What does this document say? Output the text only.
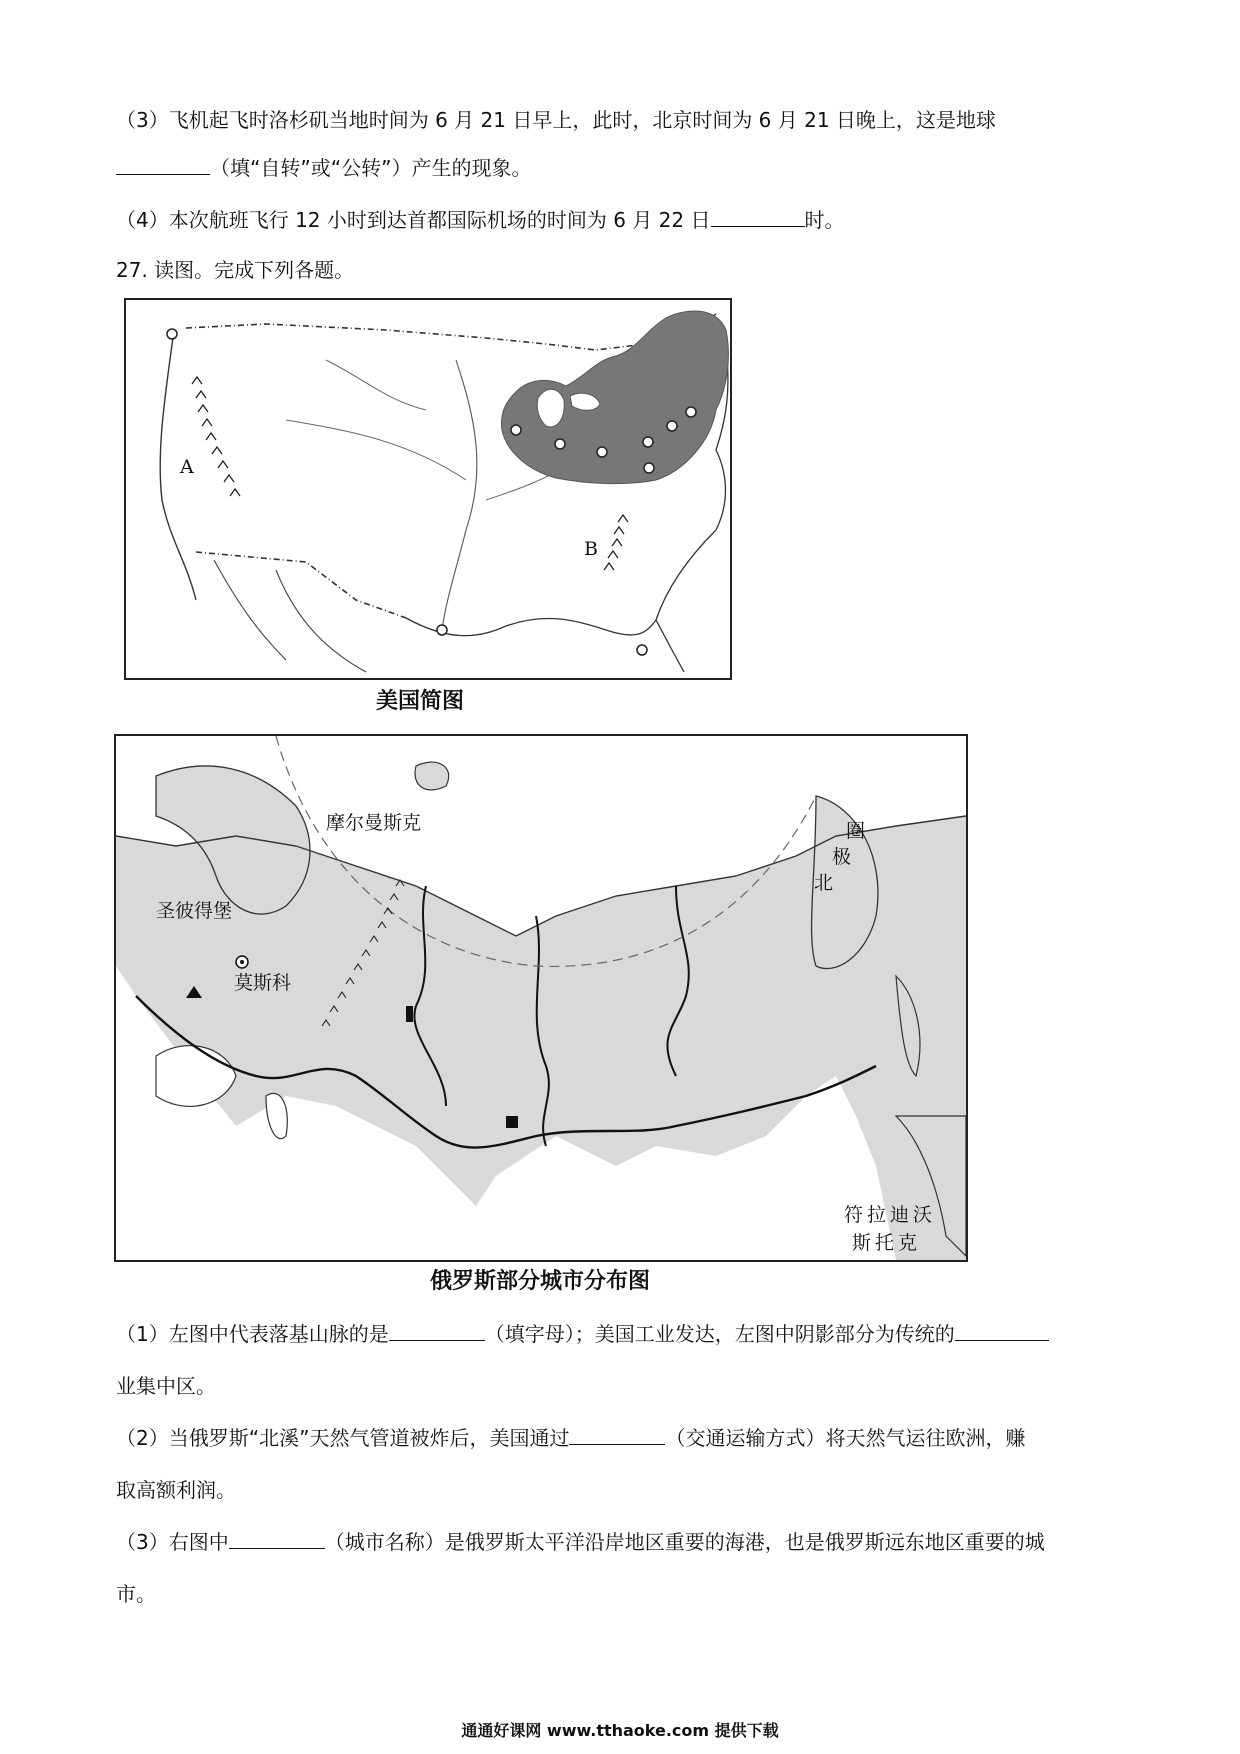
（3）飞机起飞时洛杉矶当地时间为 6 月 21 日早上，此时，北京时间为 6 月 21 日晚上，这是地球
（填“自转”或“公转”）产生的现象。
（4）本次航班飞行 12 小时到达首都国际机场的时间为 6 月 22 日	时。
27. 读图。完成下列各题。
A
B
美国简图
摩尔曼斯克
圣彼得堡
莫斯科
圈
极
北
符拉迪沃
斯托克
俄罗斯部分城市分布图
（1）左图中代表落基山脉的是	（填字母）；美国工业发达，左图中阴影部分为传统的
业集中区。
（2）当俄罗斯“北溪”天然气管道被炸后，美国通过	（交通运输方式）将天然气运往欧洲，赚
取高额利润。
（3）右图中	（城市名称）是俄罗斯太平洋沿岸地区重要的海港，也是俄罗斯远东地区重要的城
市。
通通好课网 www.tthaoke.com 提供下载
